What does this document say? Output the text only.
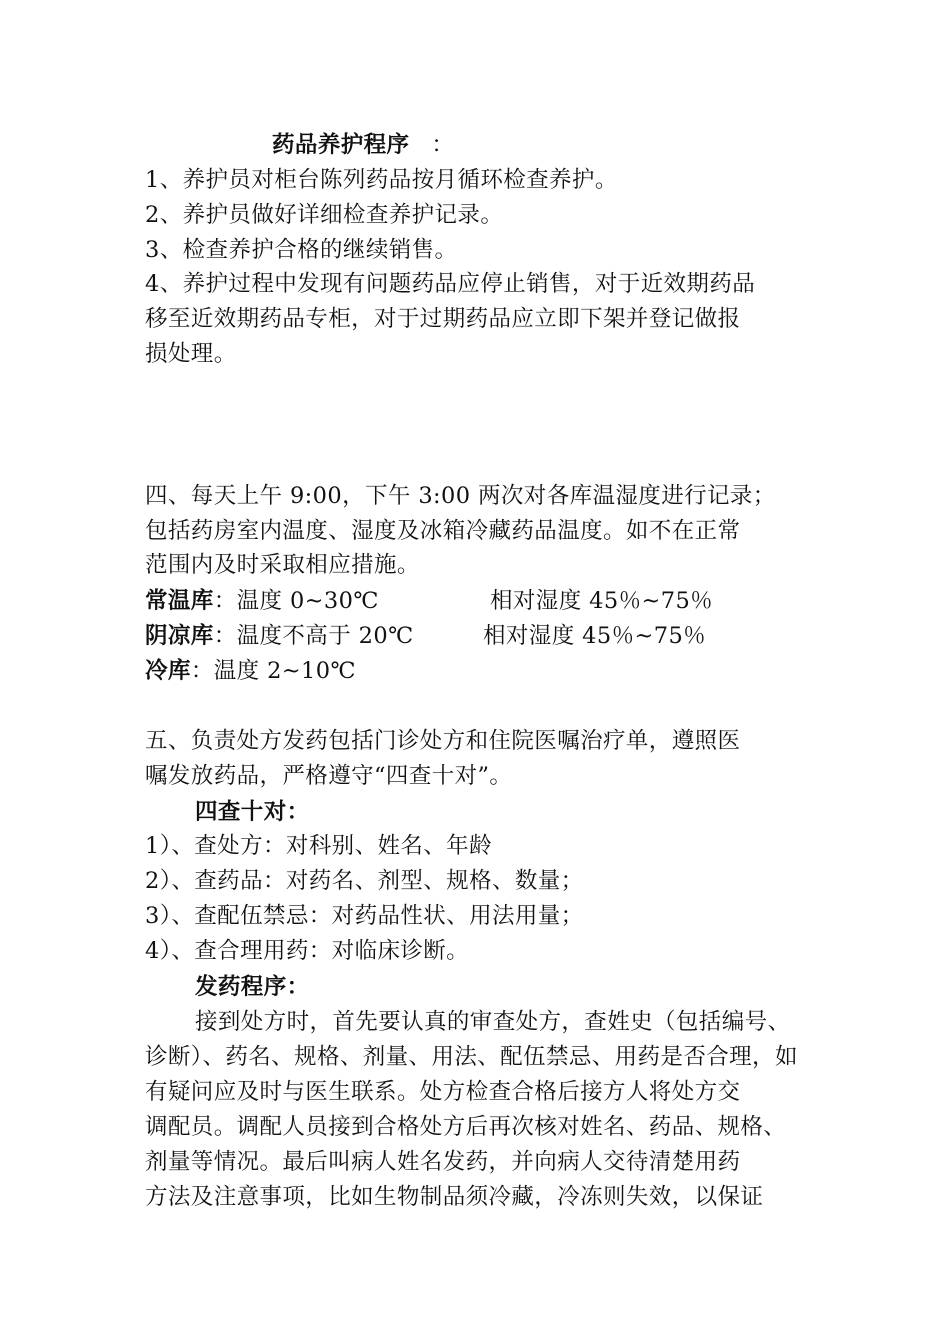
药品养护程序 ：
1、养护员对柜台陈列药品按月循环检查养护。
2、养护员做好详细检查养护记录。
3、检查养护合格的继续销售。
4、养护过程中发现有问题药品应停止销售，对于近效期药品
移至近效期药品专柜，对于过期药品应立即下架并登记做报
损处理。
四、每天上午 9:00，下午 3:00 两次对各库温湿度进行记录；
包括药房室内温度、湿度及冰箱冷藏药品温度。如不在正常
范围内及时采取相应措施。
常温库：温度 0~30℃	相对湿度 45％~75％
阴凉库：温度不高于 20℃	相对湿度 45％~75％
冷库：温度 2~10℃
五、负责处方发药包括门诊处方和住院医嘱治疗单，遵照医
嘱发放药品，严格遵守“四查十对”。
四查十对：
1）、查处方：对科别、姓名、年龄
2）、查药品：对药名、剂型、规格、数量；
3）、查配伍禁忌：对药品性状、用法用量；
4）、查合理用药：对临床诊断。
发药程序：
接到处方时，首先要认真的审查处方，查姓史（包括编号、
诊断）、药名、规格、剂量、用法、配伍禁忌、用药是否合理，如
有疑问应及时与医生联系。处方检查合格后接方人将处方交
调配员。调配人员接到合格处方后再次核对姓名、药品、规格、
剂量等情况。最后叫病人姓名发药，并向病人交待清楚用药
方法及注意事项，比如生物制品须冷藏，冷冻则失效，以保证
